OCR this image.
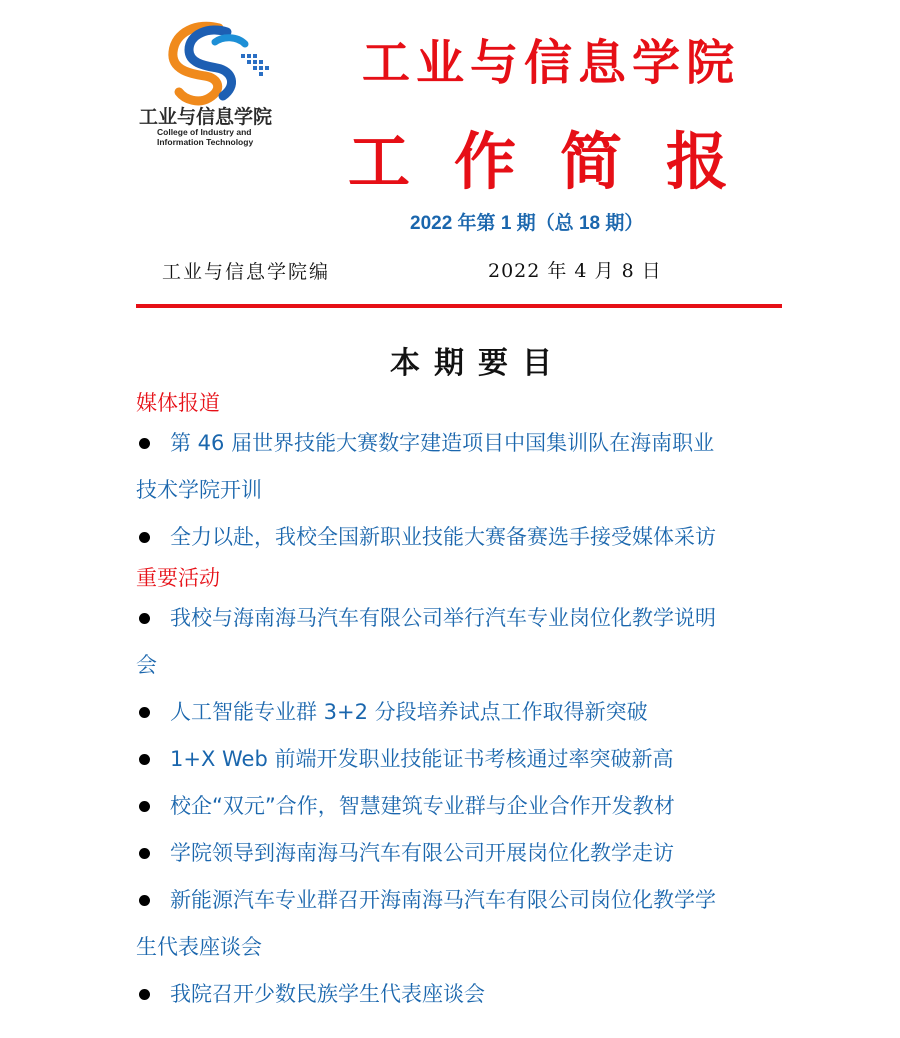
工业与信息学院
College of Industry and
Information Technology
工业与信息学院
工作简报
2022 年第 1 期（总 18 期）
工业与信息学院编	2022 年 4 月 8 日
本期要目
媒体报道
第 46 届世界技能大赛数字建造项目中国集训队在海南职业
技术学院开训
全力以赴，我校全国新职业技能大赛备赛选手接受媒体采访
重要活动
我校与海南海马汽车有限公司举行汽车专业岗位化教学说明
会
人工智能专业群 3+2 分段培养试点工作取得新突破
1+X Web 前端开发职业技能证书考核通过率突破新高
校企“双元”合作，智慧建筑专业群与企业合作开发教材
学院领导到海南海马汽车有限公司开展岗位化教学走访
新能源汽车专业群召开海南海马汽车有限公司岗位化教学学
生代表座谈会
我院召开少数民族学生代表座谈会
